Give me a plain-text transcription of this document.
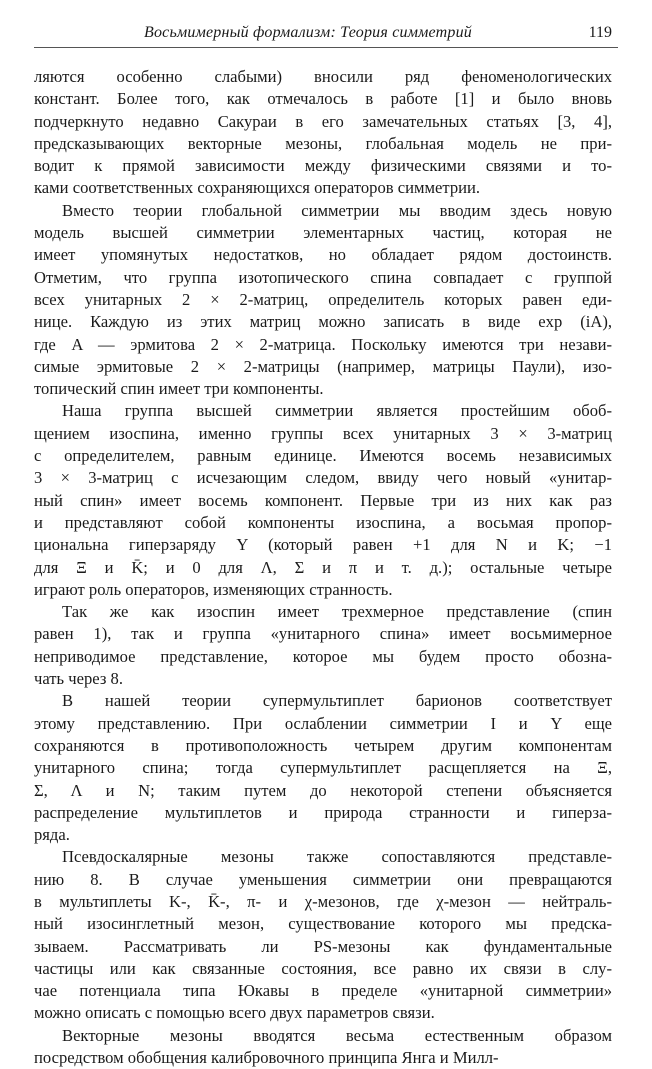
Восьмимерный формализм: Теория симметрий	119
ляются особенно слабыми) вносили ряд феноменологических
констант. Более того, как отмечалось в работе [1] и было вновь
подчеркнуто недавно Сакураи в его замечательных статьях [3, 4],
предсказывающих векторные мезоны, глобальная модель не при-
водит к прямой зависимости между физическими связями и то-
ками соответственных сохраняющихся операторов симметрии.
Вместо теории глобальной симметрии мы вводим здесь новую
модель высшей симметрии элементарных частиц, которая не
имеет упомянутых недостатков, но обладает рядом достоинств.
Отметим, что группа изотопического спина совпадает с группой
всех унитарных 2 × 2-матриц, определитель которых равен еди-
нице. Каждую из этих матриц можно записать в виде exp (iA),
где A — эрмитова 2 × 2-матрица. Поскольку имеются три незави-
симые эрмитовые 2 × 2-матрицы (например, матрицы Паули), изо-
топический спин имеет три компоненты.
Наша группа высшей симметрии является простейшим обоб-
щением изоспина, именно группы всех унитарных 3 × 3-матриц
с определителем, равным единице. Имеются восемь независимых
3 × 3-матриц с исчезающим следом, ввиду чего новый «унитар-
ный спин» имеет восемь компонент. Первые три из них как раз
и представляют собой компоненты изоспина, а восьмая пропор-
циональна гиперзаряду Y (который равен +1 для N и K; −1
для Ξ и K̄; и 0 для Λ, Σ и π и т. д.); остальные четыре
играют роль операторов, изменяющих странность.
Так же как изоспин имеет трехмерное представление (спин
равен 1), так и группа «унитарного спина» имеет восьмимерное
неприводимое представление, которое мы будем просто обозна-
чать через 8.
В нашей теории супермультиплет барионов соответствует
этому представлению. При ослаблении симметрии I и Y еще
сохраняются в противоположность четырем другим компонентам
унитарного спина; тогда супермультиплет расщепляется на Ξ,
Σ, Λ и N; таким путем до некоторой степени объясняется
распределение мультиплетов и природа странности и гиперза-
ряда.
Псевдоскалярные мезоны также сопоставляются представле-
нию 8. В случае уменьшения симметрии они превращаются
в мультиплеты K-, K̄-, π- и χ-мезонов, где χ-мезон — нейтраль-
ный изосинглетный мезон, существование которого мы предска-
зываем. Рассматривать ли PS-мезоны как фундаментальные
частицы или как связанные состояния, все равно их связи в слу-
чае потенциала типа Юкавы в пределе «унитарной симметрии»
можно описать с помощью всего двух параметров связи.
Векторные мезоны вводятся весьма естественным образом
посредством обобщения калибровочного принципа Янга и Милл-
